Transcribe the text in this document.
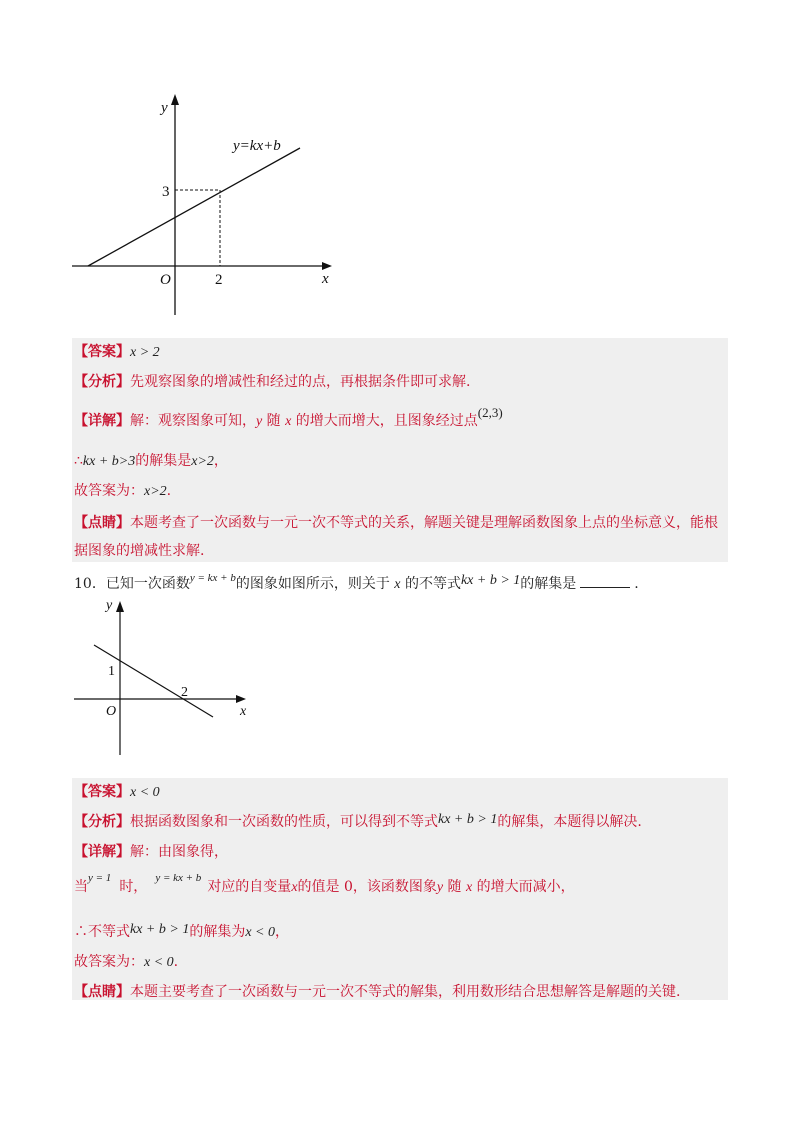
y
x
O
y=kx+b
3
2
【答案】x > 2
【分析】先观察图象的增减性和经过的点，再根据条件即可求解.
【详解】解：观察图象可知，y 随 x 的增大而增大，且图象经过点(2,3)
∴kx + b>3的解集是x>2，
故答案为：x>2.
【点睛】本题考查了一次函数与一元一次不等式的关系，解题关键是理解函数图象上点的坐标意义，能根
据图象的增减性求解.
10．已知一次函数$^{y = kx + b}$的图象如图所示，则关于 x 的不等式kx + b > 1的解集是	.
y
x
O
1
2
【答案】x < 0
【分析】根据函数图象和一次函数的性质，可以得到不等式kx + b > 1的解集，本题得以解决.
【详解】解：由图象得，
当$^{y = 1}$时，$^{y = kx + b}$对应的自变量x的值是 0，该函数图象y 随 x 的增大而减小，
∴不等式kx + b > 1的解集为x < 0，
故答案为：x < 0.
【点睛】本题主要考查了一次函数与一元一次不等式的解集，利用数形结合思想解答是解题的关键.
